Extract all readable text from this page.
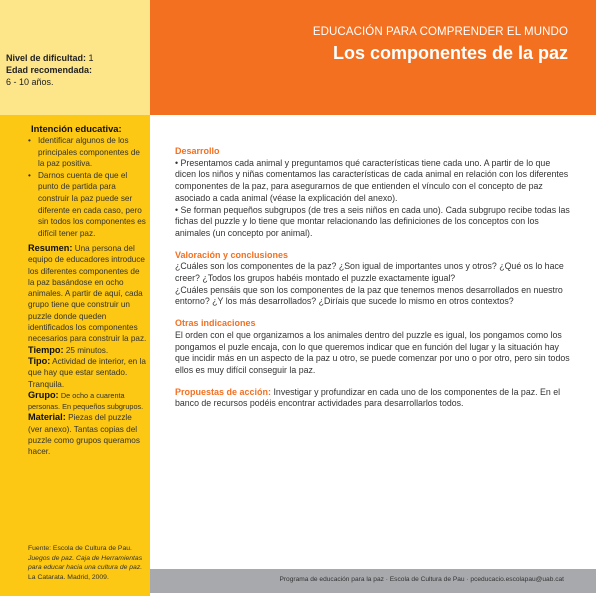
EDUCACIÓN PARA COMPRENDER EL MUNDO
Los componentes de la paz
Nivel de dificultad: 1
Edad recomendada:
6 - 10 años.
Intención educativa:
• Identificar algunos de los principales componentes de la paz positiva.
• Darnos cuenta de que el punto de partida para construir la paz puede ser diferente en cada caso, pero sin todos los componentes es difícil tener paz.
Resumen: Una persona del equipo de educadores introduce los diferentes componentes de la paz basándose en ocho animales. A partir de aquí, cada grupo tiene que construir un puzzle donde queden identificados los componentes necesarios para construir la paz.
Tiempo: 25 minutos.
Tipo: Actividad de interior, en la que hay que estar sentado. Tranquila.
Grupo: De ocho a cuarenta personas. En pequeños subgrupos.
Material: Piezas del puzzle (ver anexo). Tantas copias del puzzle como grupos queramos hacer.
Fuente: Escola de Cultura de Pau.
Juegos de paz. Caja de Herramientas para educar hacia una cultura de paz.
La Catarata. Madrid, 2009.
Desarrollo

• Presentamos cada animal y preguntamos qué características tiene cada uno. A partir de lo que dicen los niños y niñas comentamos las características de cada animal en relación con los diferentes componentes de la paz, para asegurarnos de que entienden el vínculo con el concepto de paz asociado a cada animal (véase la explicación del anexo).

• Se forman pequeños subgrupos (de tres a seis niños en cada uno). Cada subgrupo recibe todas las fichas del puzzle y lo tiene que montar relacionando las definiciones de los conceptos con los animales (un concepto por animal).

Valoración y conclusiones

¿Cuáles son los componentes de la paz? ¿Son igual de importantes unos y otros? ¿Qué os lo hace creer? ¿Todos los grupos habéis montado el puzzle exactamente igual?

¿Cuáles pensáis que son los componentes de la paz que tenemos menos desarrollados en nuestro entorno? ¿Y los más desarrollados? ¿Diríais que sucede lo mismo en otros contextos?

Otras indicaciones

El orden con el que organizamos a los animales dentro del puzzle es igual, los pongamos como los pongamos el puzle encaja, con lo que queremos indicar que en función del lugar y la situación hay que incidir más en un aspecto de la paz u otro, se puede comenzar por uno o por otro, pero sin todos ellos es muy difícil conseguir la paz.

Propuestas de acción: Investigar y profundizar en cada uno de los componentes de la paz. En el banco de recursos podéis encontrar actividades para desarrollarlos todos.

Programa de educación para la paz · Escola de Cultura de Pau · pceducacio.escolapau@uab.cat
